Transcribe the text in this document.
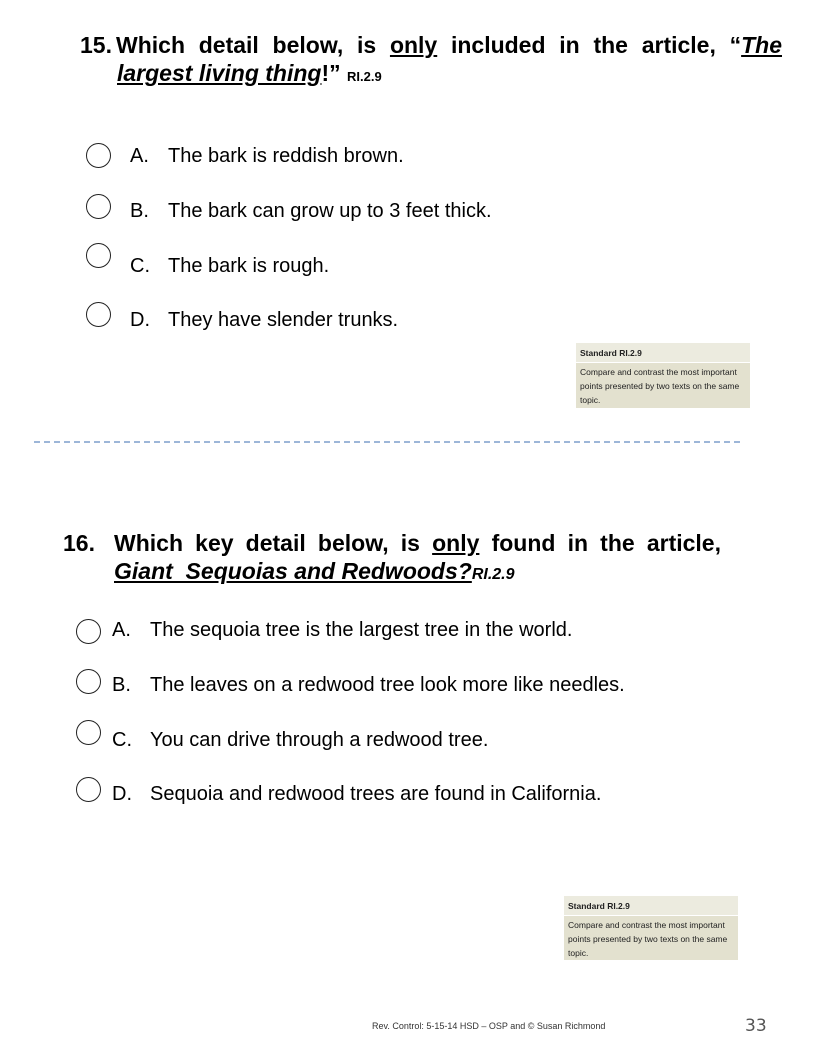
15. Which detail below, is only included in the article, “The
largest living thing!” RI.2.9
A. The bark is reddish brown.
B. The bark can grow up to 3 feet thick.
C. The bark is rough.
D. They have slender trunks.
Standard RI.2.9
Compare and contrast the most important points presented by two texts on the same topic.
16. Which key detail below, is only found in the article,
Giant  Sequoias and Redwoods?RI.2.9
A. The sequoia tree is the largest tree in the world.
B. The leaves on a redwood tree look more like needles.
C. You can drive through a redwood tree.
D. Sequoia and redwood trees are found in California.
Standard RI.2.9
Compare and contrast the most important points presented by two texts on the same topic.
Rev. Control: 5-15-14 HSD – OSP and © Susan Richmond	33
